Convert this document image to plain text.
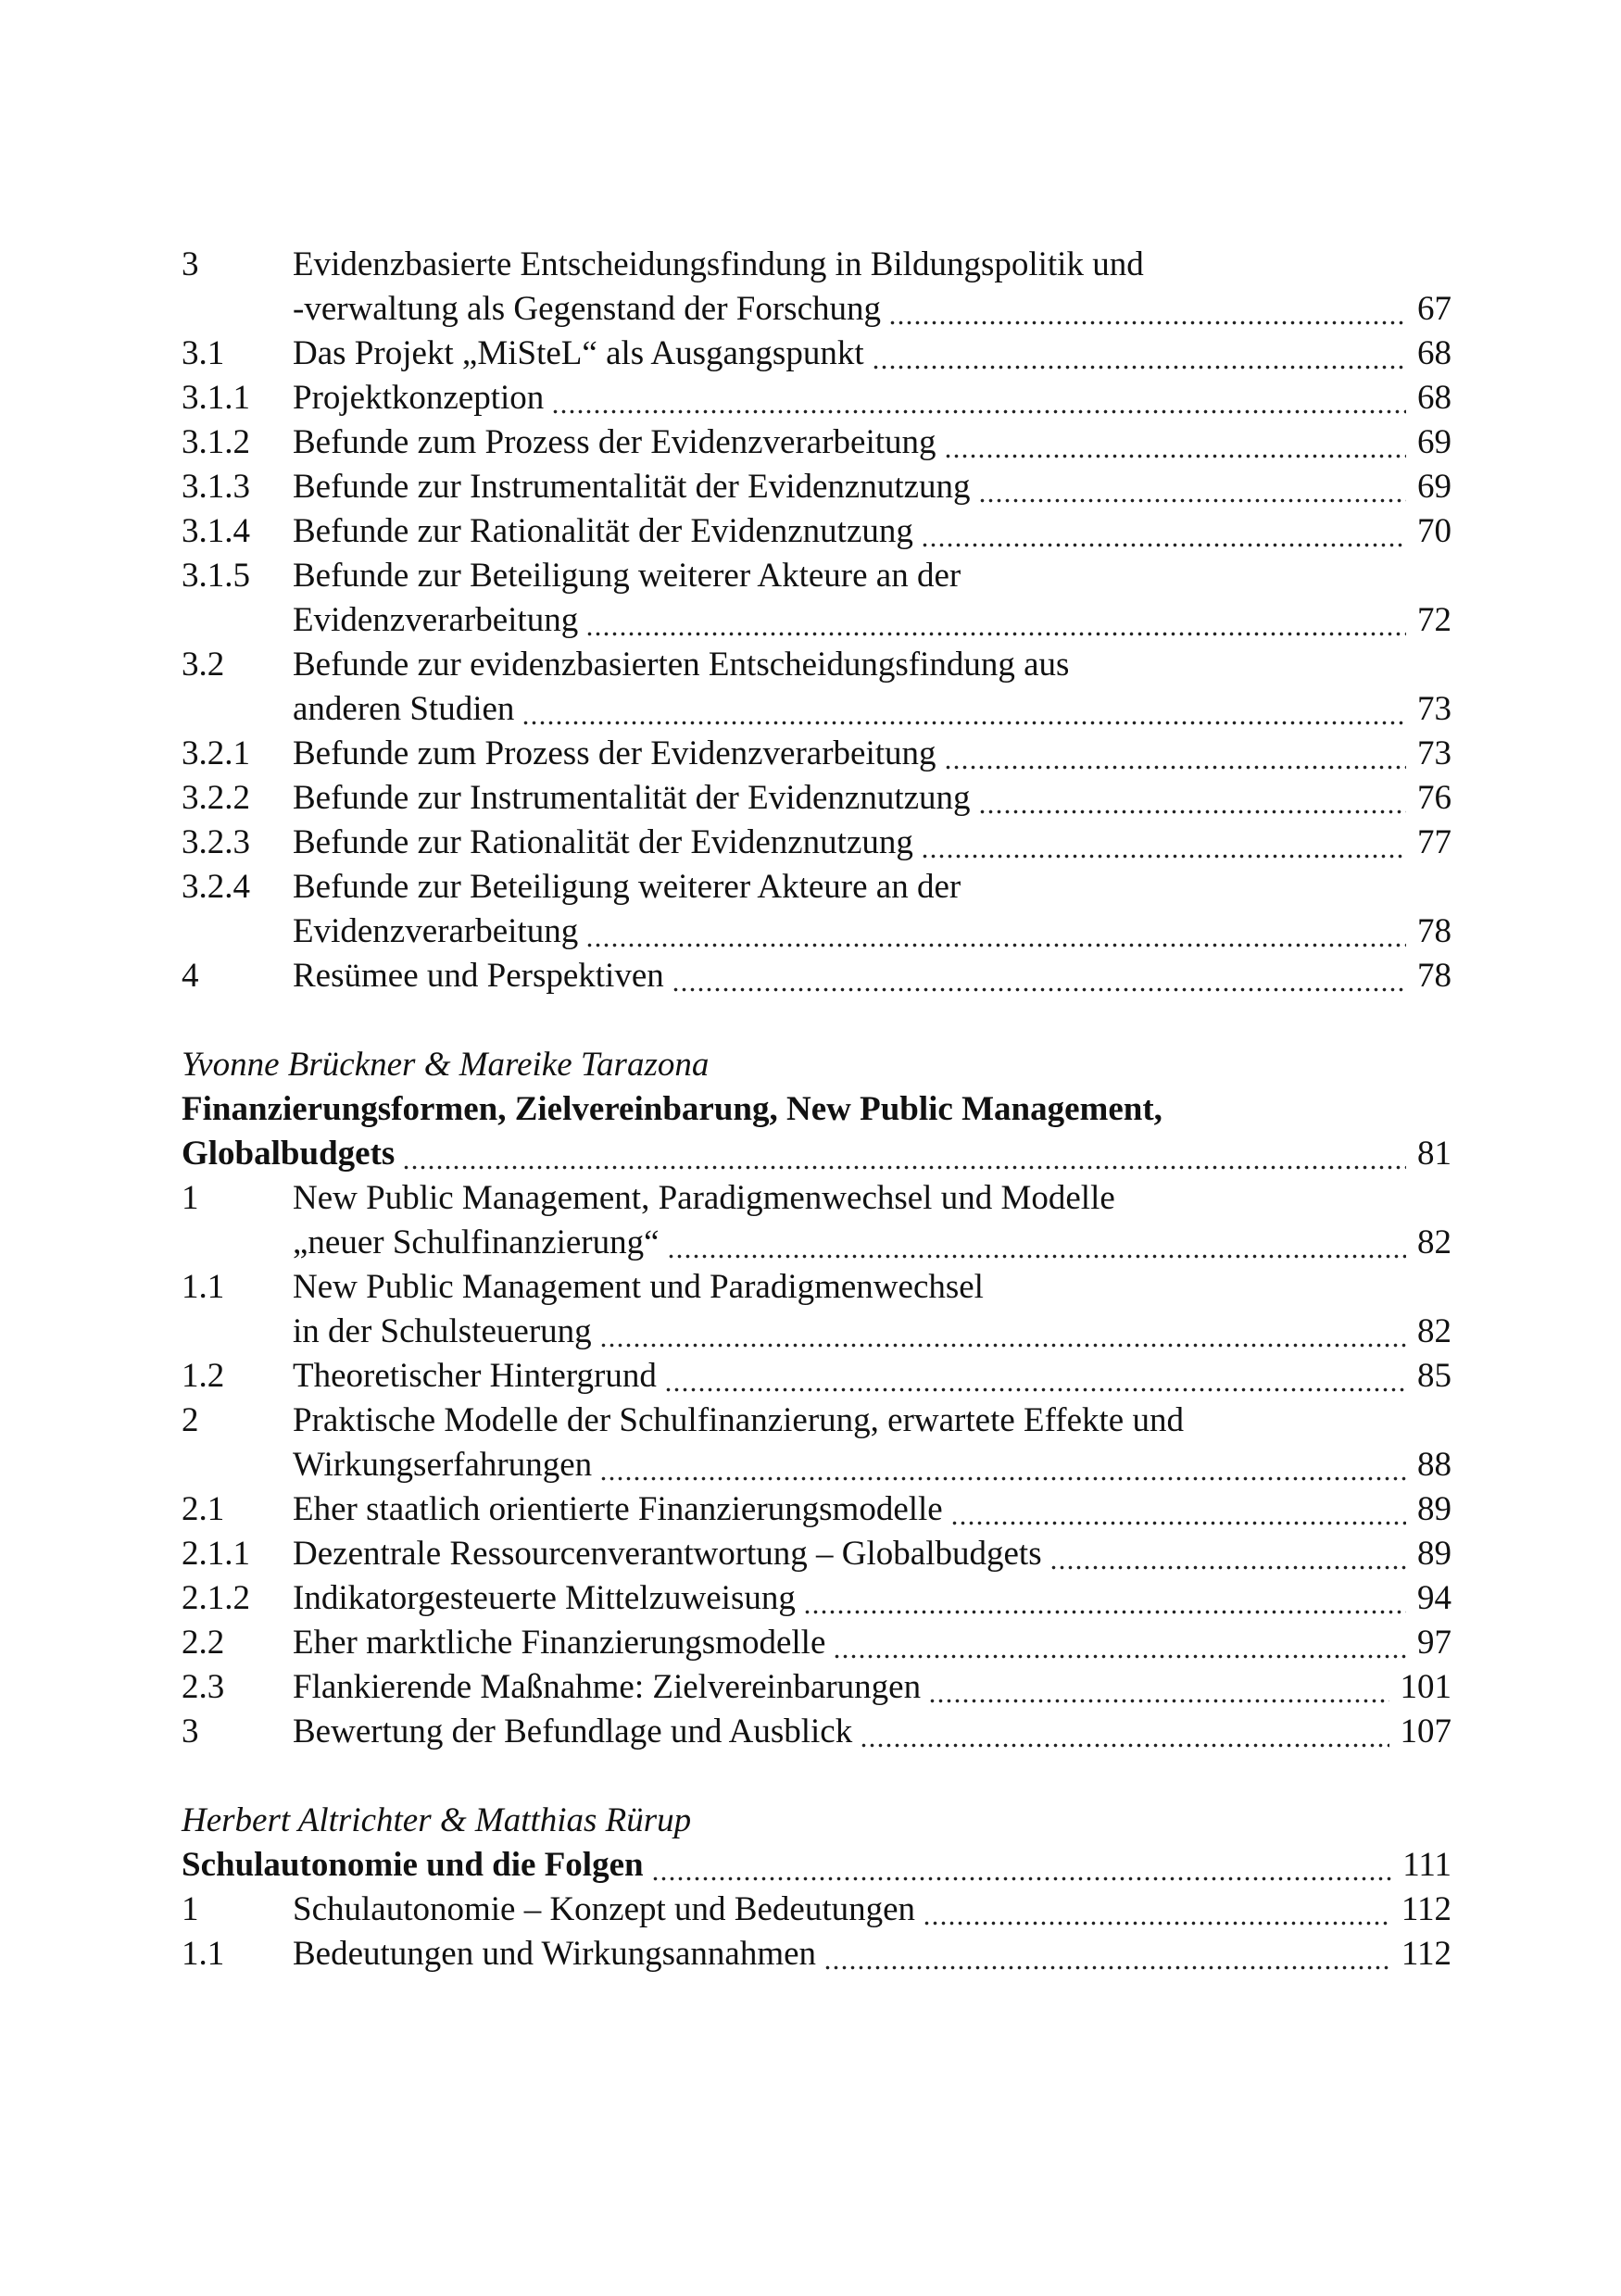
3	Evidenzbasierte Entscheidungsfindung in Bildungspolitik und
-verwaltung als Gegenstand der Forschung	67
3.1 Das Projekt „MiSteL“ als Ausgangspunkt	68
3.1.1 Projektkonzeption	68
3.1.2 Befunde zum Prozess der Evidenzverarbeitung	69
3.1.3 Befunde zur Instrumentalität der Evidenznutzung	69
3.1.4 Befunde zur Rationalität der Evidenznutzung	70
3.1.5 Befunde zur Beteiligung weiterer Akteure an der
Evidenzverarbeitung	72
3.2 Befunde zur evidenzbasierten Entscheidungsfindung aus
anderen Studien	73
3.2.1 Befunde zum Prozess der Evidenzverarbeitung	73
3.2.2 Befunde zur Instrumentalität der Evidenznutzung	76
3.2.3 Befunde zur Rationalität der Evidenznutzung	77
3.2.4 Befunde zur Beteiligung weiterer Akteure an der
Evidenzverarbeitung	78
4	Resümee und Perspektiven	78
Yvonne Brückner & Mareike Tarazona
Finanzierungsformen, Zielvereinbarung, New Public Management,
Globalbudgets	81
1	New Public Management, Paradigmenwechsel und Modelle
„neuer Schulfinanzierung“	82
1.1 New Public Management und Paradigmenwechsel
in der Schulsteuerung	82
1.2 Theoretischer Hintergrund	85
2	Praktische Modelle der Schulfinanzierung, erwartete Effekte und
Wirkungserfahrungen	88
2.1 Eher staatlich orientierte Finanzierungsmodelle	89
2.1.1 Dezentrale Ressourcenverantwortung – Globalbudgets	89
2.1.2 Indikatorgesteuerte Mittelzuweisung	94
2.2 Eher marktliche Finanzierungsmodelle	97
2.3 Flankierende Maßnahme: Zielvereinbarungen	101
3	Bewertung der Befundlage und Ausblick	107
Herbert Altrichter & Matthias Rürup
Schulautonomie und die Folgen	111
1	Schulautonomie – Konzept und Bedeutungen	112
1.1 Bedeutungen und Wirkungsannahmen	112
